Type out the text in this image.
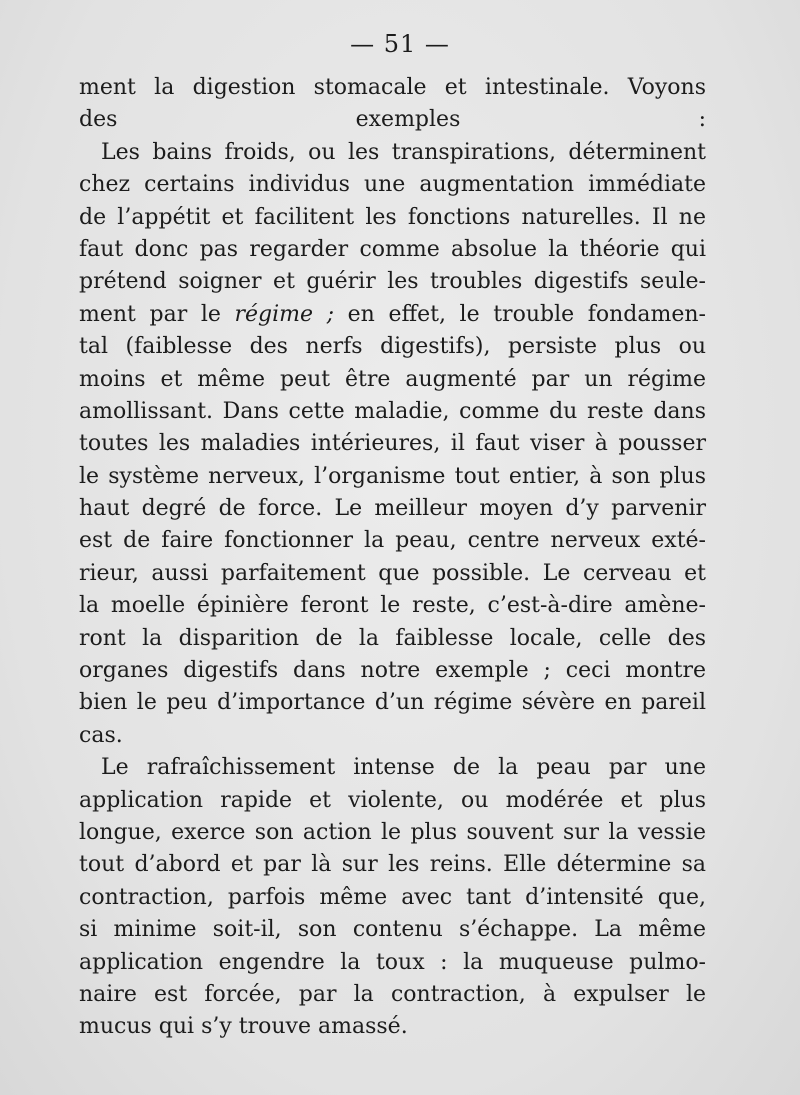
— 51 —
ment la digestion stomacale et intestinale. Voyons
des exemples :
Les bains froids, ou les transpirations, déterminent
chez certains individus une augmentation immédiate
de l’appétit et facilitent les fonctions naturelles. Il ne
faut donc pas regarder comme absolue la théorie qui
prétend soigner et guérir les troubles digestifs seule-
ment par le régime ; en effet, le trouble fondamen-
tal (faiblesse des nerfs digestifs), persiste plus ou
moins et même peut être augmenté par un régime
amollissant. Dans cette maladie, comme du reste dans
toutes les maladies intérieures, il faut viser à pousser
le système nerveux, l’organisme tout entier, à son plus
haut degré de force. Le meilleur moyen d’y parvenir
est de faire fonctionner la peau, centre nerveux exté-
rieur, aussi parfaitement que possible. Le cerveau et
la moelle épinière feront le reste, c’est-à-dire amène-
ront la disparition de la faiblesse locale, celle des
organes digestifs dans notre exemple ; ceci montre
bien le peu d’importance d’un régime sévère en pareil
cas.
Le rafraîchissement intense de la peau par une
application rapide et violente, ou modérée et plus
longue, exerce son action le plus souvent sur la vessie
tout d’abord et par là sur les reins. Elle détermine sa
contraction, parfois même avec tant d’intensité que,
si minime soit-il, son contenu s’échappe. La même
application engendre la toux : la muqueuse pulmo-
naire est forcée, par la contraction, à expulser le
mucus qui s’y trouve amassé.
